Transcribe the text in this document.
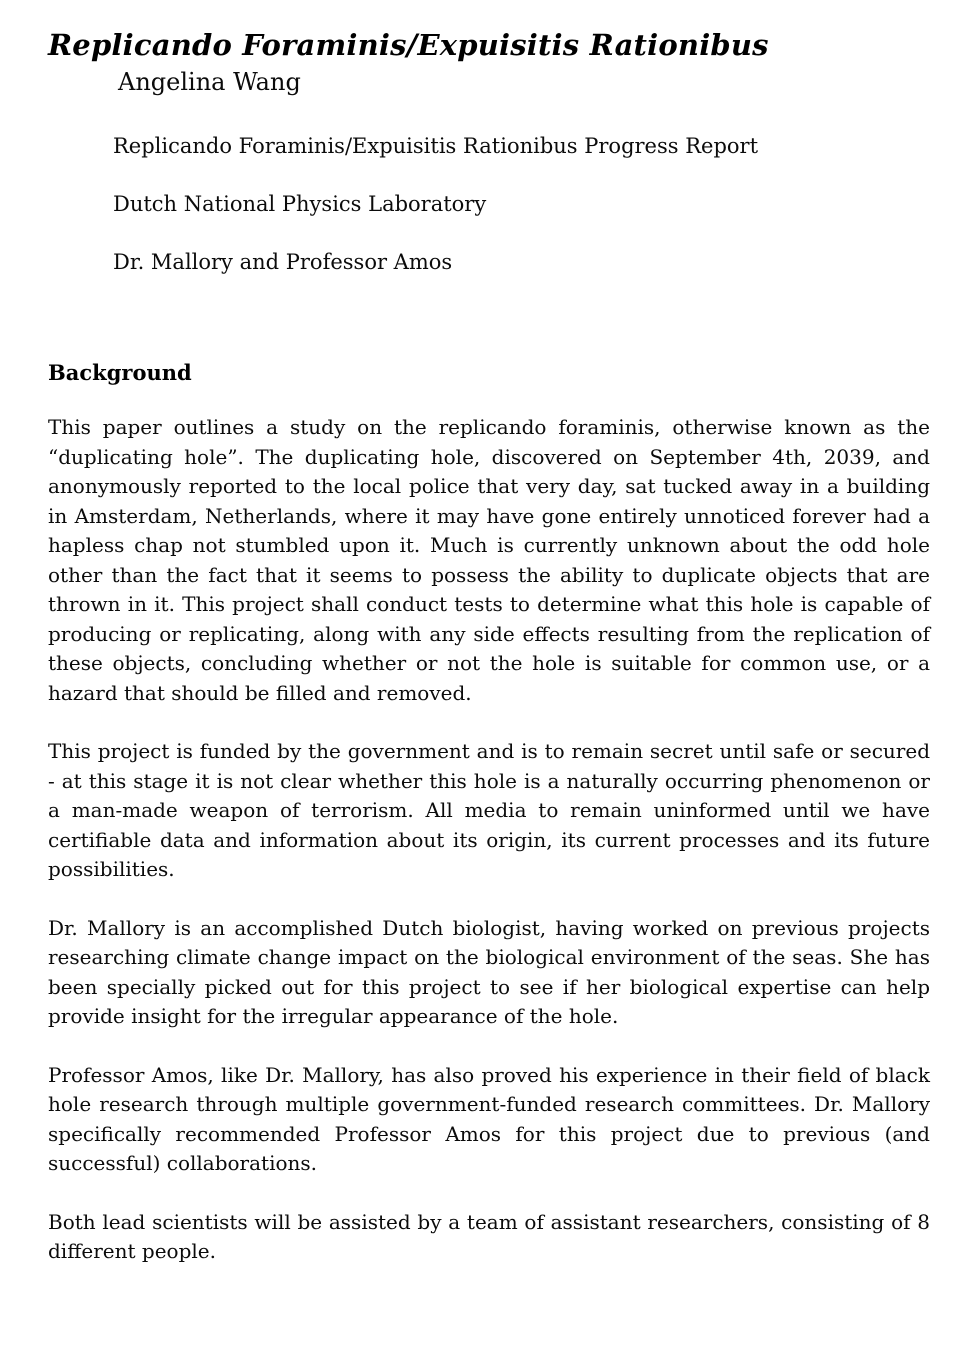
Replicando Foraminis/Expuisitis Rationibus
Angelina Wang

Replicando Foraminis/Expuisitis Rationibus Progress Report

Dutch National Physics Laboratory

Dr. Mallory and Professor Amos

Background

This paper outlines a study on the replicando foraminis, otherwise known as the “duplicating hole”. The duplicating hole, discovered on September 4th, 2039, and anonymously reported to the local police that very day, sat tucked away in a building in Amsterdam, Netherlands, where it may have gone entirely unnoticed forever had a hapless chap not stumbled upon it. Much is currently unknown about the odd hole other than the fact that it seems to possess the ability to duplicate objects that are thrown in it. This project shall conduct tests to determine what this hole is capable of producing or replicating, along with any side effects resulting from the replication of these objects, concluding whether or not the hole is suitable for common use, or a hazard that should be filled and removed.

This project is funded by the government and is to remain secret until safe or secured - at this stage it is not clear whether this hole is a naturally occurring phenomenon or a man-made weapon of terrorism. All media to remain uninformed until we have certifiable data and information about its origin, its current processes and its future possibilities.

Dr. Mallory is an accomplished Dutch biologist, having worked on previous projects researching climate change impact on the biological environment of the seas. She has been specially picked out for this project to see if her biological expertise can help provide insight for the irregular appearance of the hole.

Professor Amos, like Dr. Mallory, has also proved his experience in their field of black hole research through multiple government-funded research committees. Dr. Mallory specifically recommended Professor Amos for this project due to previous (and successful) collaborations.

Both lead scientists will be assisted by a team of assistant researchers, consisting of 8 different people.
